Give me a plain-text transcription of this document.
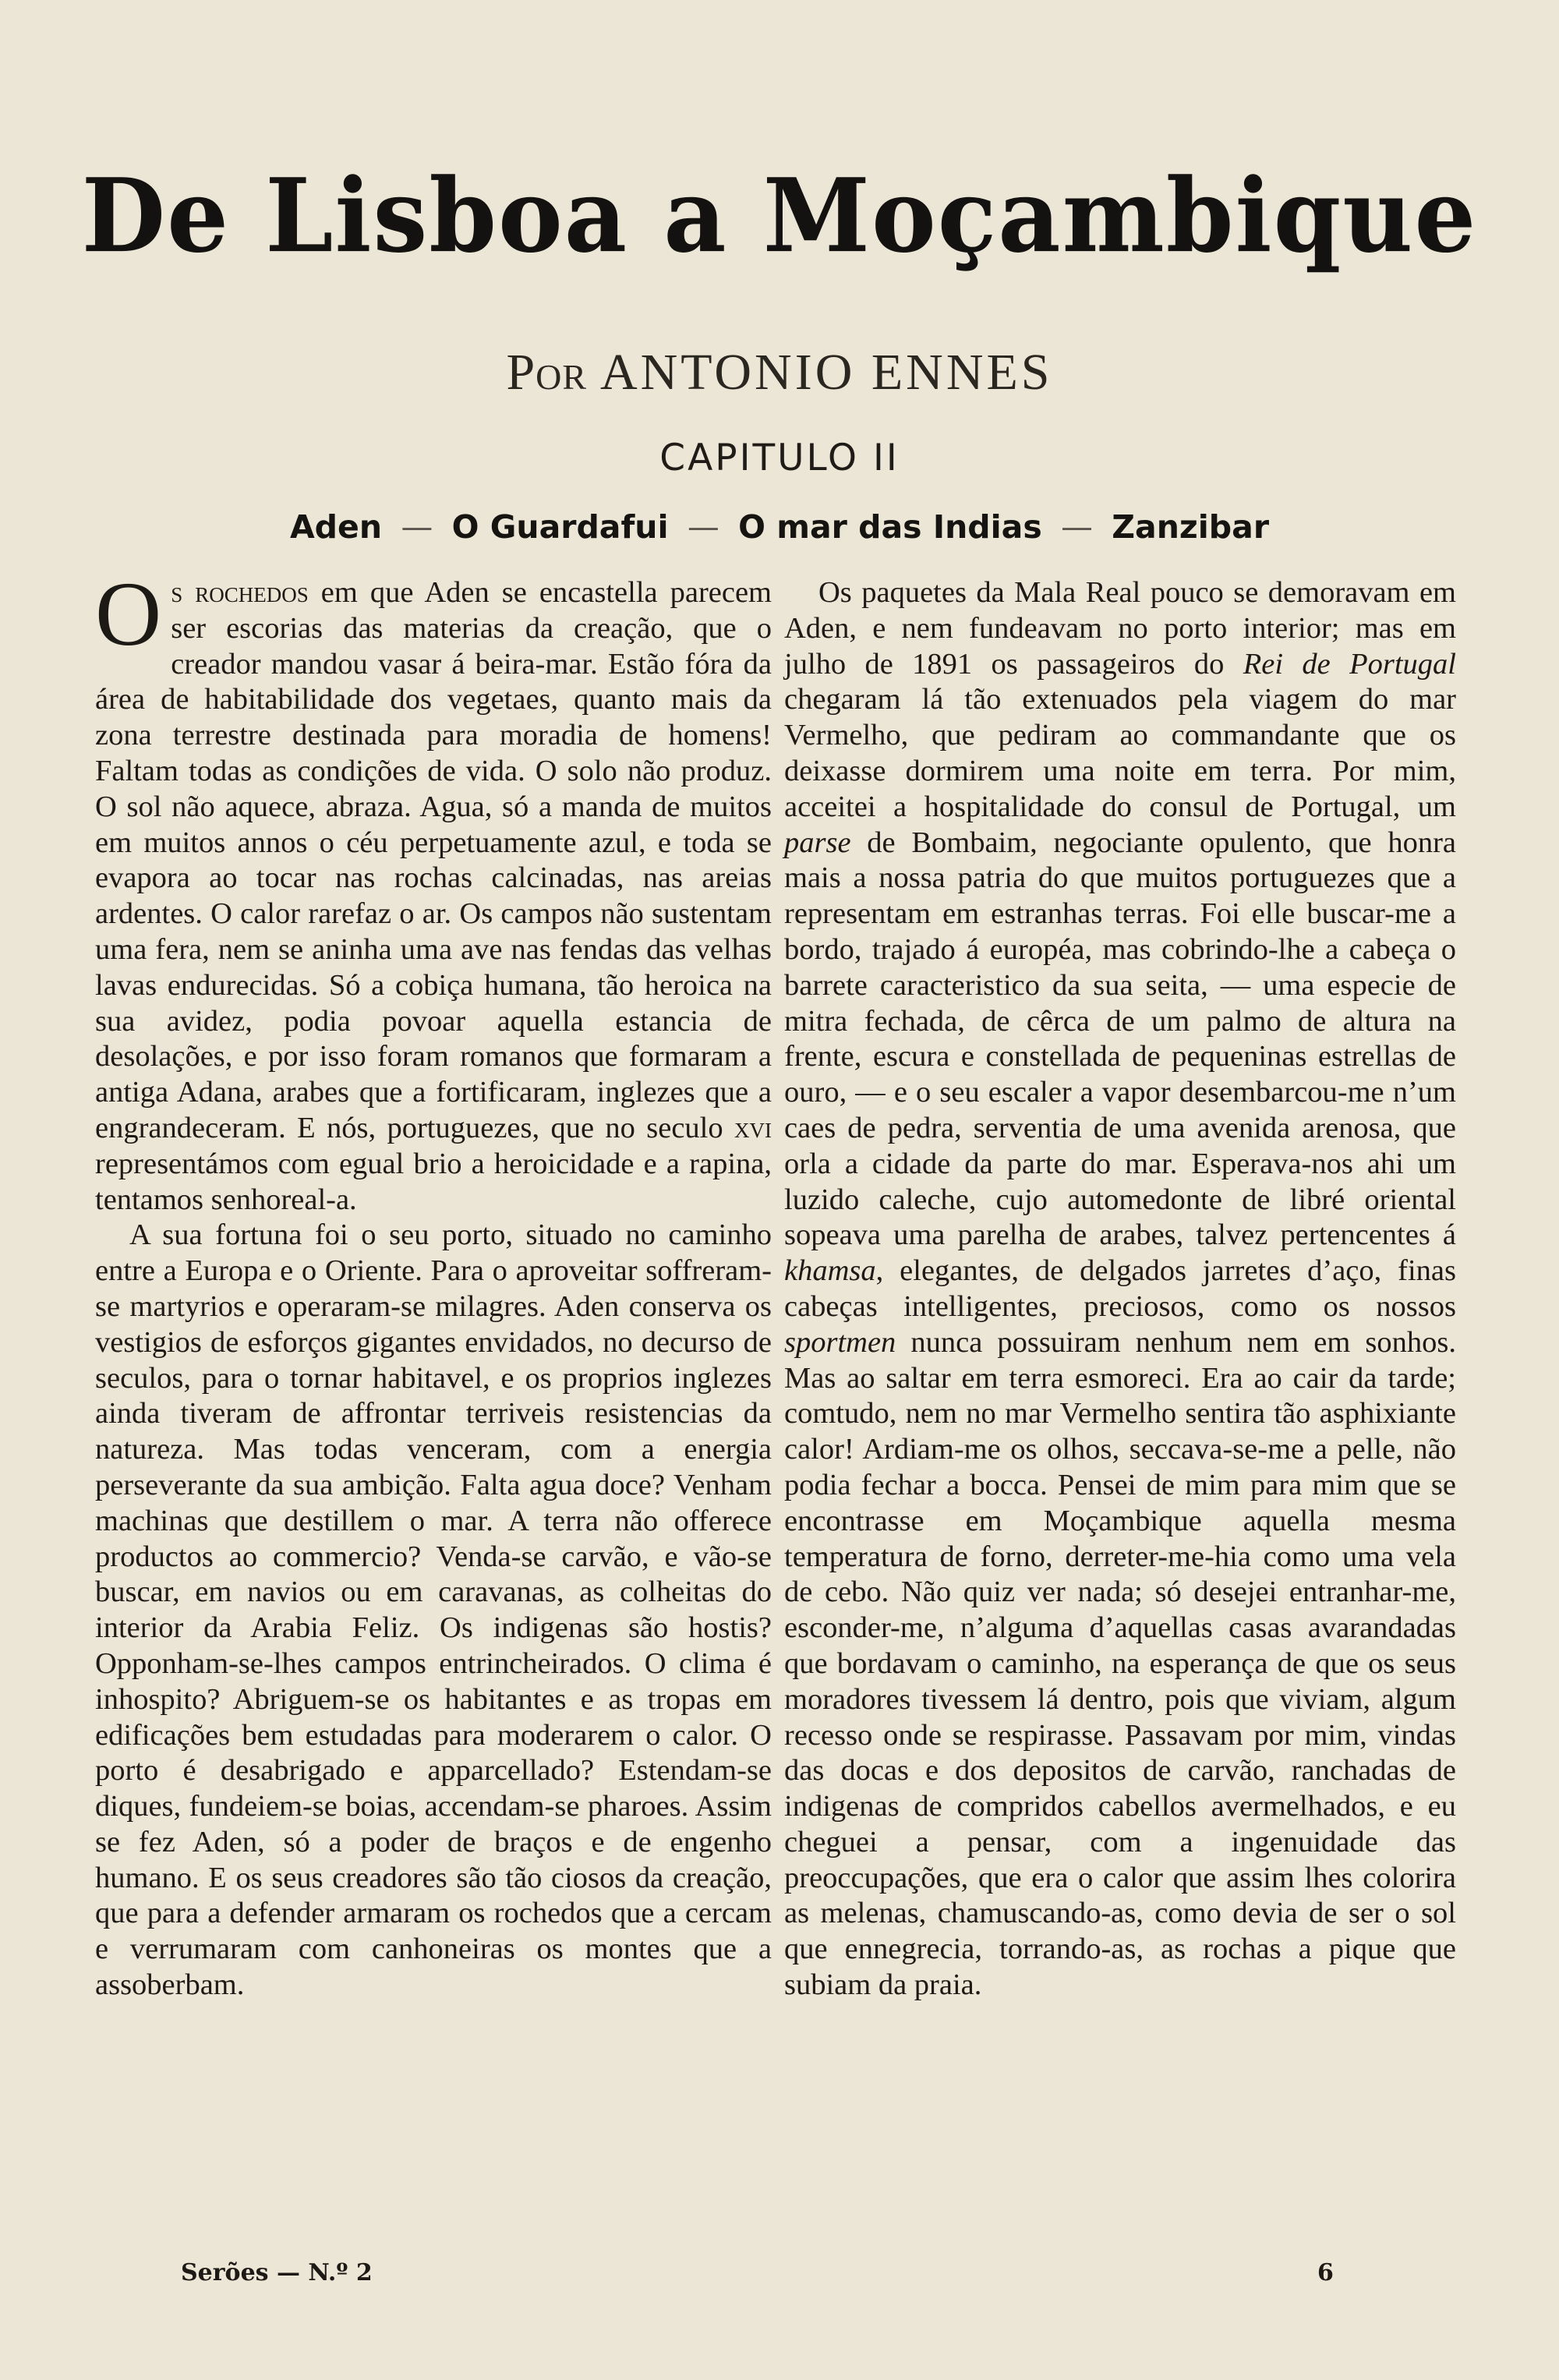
De Lisboa a Moçambique
Por ANTONIO ENNES
CAPITULO II
Aden — O Guardafui — O mar das Indias — Zanzibar

Os rochedos em que Aden se encastella parecem ser escorias das materias da creação, que o creador mandou vasar á beira-mar. Estão fóra da área de habitabilidade dos vegetaes, quanto mais da zona terrestre destinada para moradia de homens! Faltam todas as condições de vida. O solo não produz. O sol não aquece, abraza. Agua, só a manda de muitos em muitos annos o céu perpetuamente azul, e toda se evapora ao tocar nas rochas calcinadas, nas areias ardentes. O calor rarefaz o ar. Os campos não sustentam uma fera, nem se aninha uma ave nas fendas das velhas lavas endurecidas. Só a cobiça humana, tão heroica na sua avidez, podia povoar aquella estancia de desolações, e por isso foram romanos que formaram a antiga Adana, arabes que a fortificaram, inglezes que a engrandeceram. E nós, portuguezes, que no seculo xvi representámos com egual brio a heroicidade e a rapina, tentamos senhoreal-a.

A sua fortuna foi o seu porto, situado no caminho entre a Europa e o Oriente. Para o aproveitar soffreram-se martyrios e operaram-se milagres. Aden conserva os vestigios de esforços gigantes envidados, no decurso de seculos, para o tornar habitavel, e os proprios inglezes ainda tiveram de affrontar terriveis resistencias da natureza. Mas todas venceram, com a energia perseverante da sua ambição. Falta agua doce? Venham machinas que destillem o mar. A terra não offerece productos ao commercio? Venda-se carvão, e vão-se buscar, em navios ou em caravanas, as colheitas do interior da Arabia Feliz. Os indigenas são hostis? Opponham-se-lhes campos entrincheirados. O clima é inhospito? Abriguem-se os habitantes e as tropas em edificações bem estudadas para moderarem o calor. O porto é desabrigado e apparcellado? Estendam-se diques, fundeiem-se boias, accendam-se pharoes. Assim se fez Aden, só a poder de braços e de engenho humano. E os seus creadores são tão ciosos da creação, que para a defender armaram os rochedos que a cercam e verrumaram com canhoneiras os montes que a assoberbam.

Os paquetes da Mala Real pouco se demoravam em Aden, e nem fundeavam no porto interior; mas em julho de 1891 os passageiros do Rei de Portugal chegaram lá tão extenuados pela viagem do mar Vermelho, que pediram ao commandante que os deixasse dormirem uma noite em terra. Por mim, acceitei a hospitalidade do consul de Portugal, um parse de Bombaim, negociante opulento, que honra mais a nossa patria do que muitos portuguezes que a representam em estranhas terras. Foi elle buscar-me a bordo, trajado á européa, mas cobrindo-lhe a cabeça o barrete caracteristico da sua seita, — uma especie de mitra fechada, de cêrca de um palmo de altura na frente, escura e constellada de pequeninas estrellas de ouro, — e o seu escaler a vapor desembarcou-me n’um caes de pedra, serventia de uma avenida arenosa, que orla a cidade da parte do mar. Esperava-nos ahi um luzido caleche, cujo automedonte de libré oriental sopeava uma parelha de arabes, talvez pertencentes á khamsa, elegantes, de delgados jarretes d’aço, finas cabeças intelligentes, preciosos, como os nossos sportmen nunca possuiram nenhum nem em sonhos. Mas ao saltar em terra esmoreci. Era ao cair da tarde; comtudo, nem no mar Vermelho sentira tão asphixiante calor! Ardiam-me os olhos, seccava-se-me a pelle, não podia fechar a bocca. Pensei de mim para mim que se encontrasse em Moçambique aquella mesma temperatura de forno, derreter-me-hia como uma vela de cebo. Não quiz ver nada; só desejei entranhar-me, esconder-me, n’alguma d’aquellas casas avarandadas que bordavam o caminho, na esperança de que os seus moradores tivessem lá dentro, pois que viviam, algum recesso onde se respirasse. Passavam por mim, vindas das docas e dos depositos de carvão, ranchadas de indigenas de compridos cabellos avermelhados, e eu cheguei a pensar, com a ingenuidade das preoccupações, que era o calor que assim lhes colorira as melenas, chamuscando-as, como devia de ser o sol que ennegrecia, torrando-as, as rochas a pique que subiam da praia.

Serões — N.º 2	6
